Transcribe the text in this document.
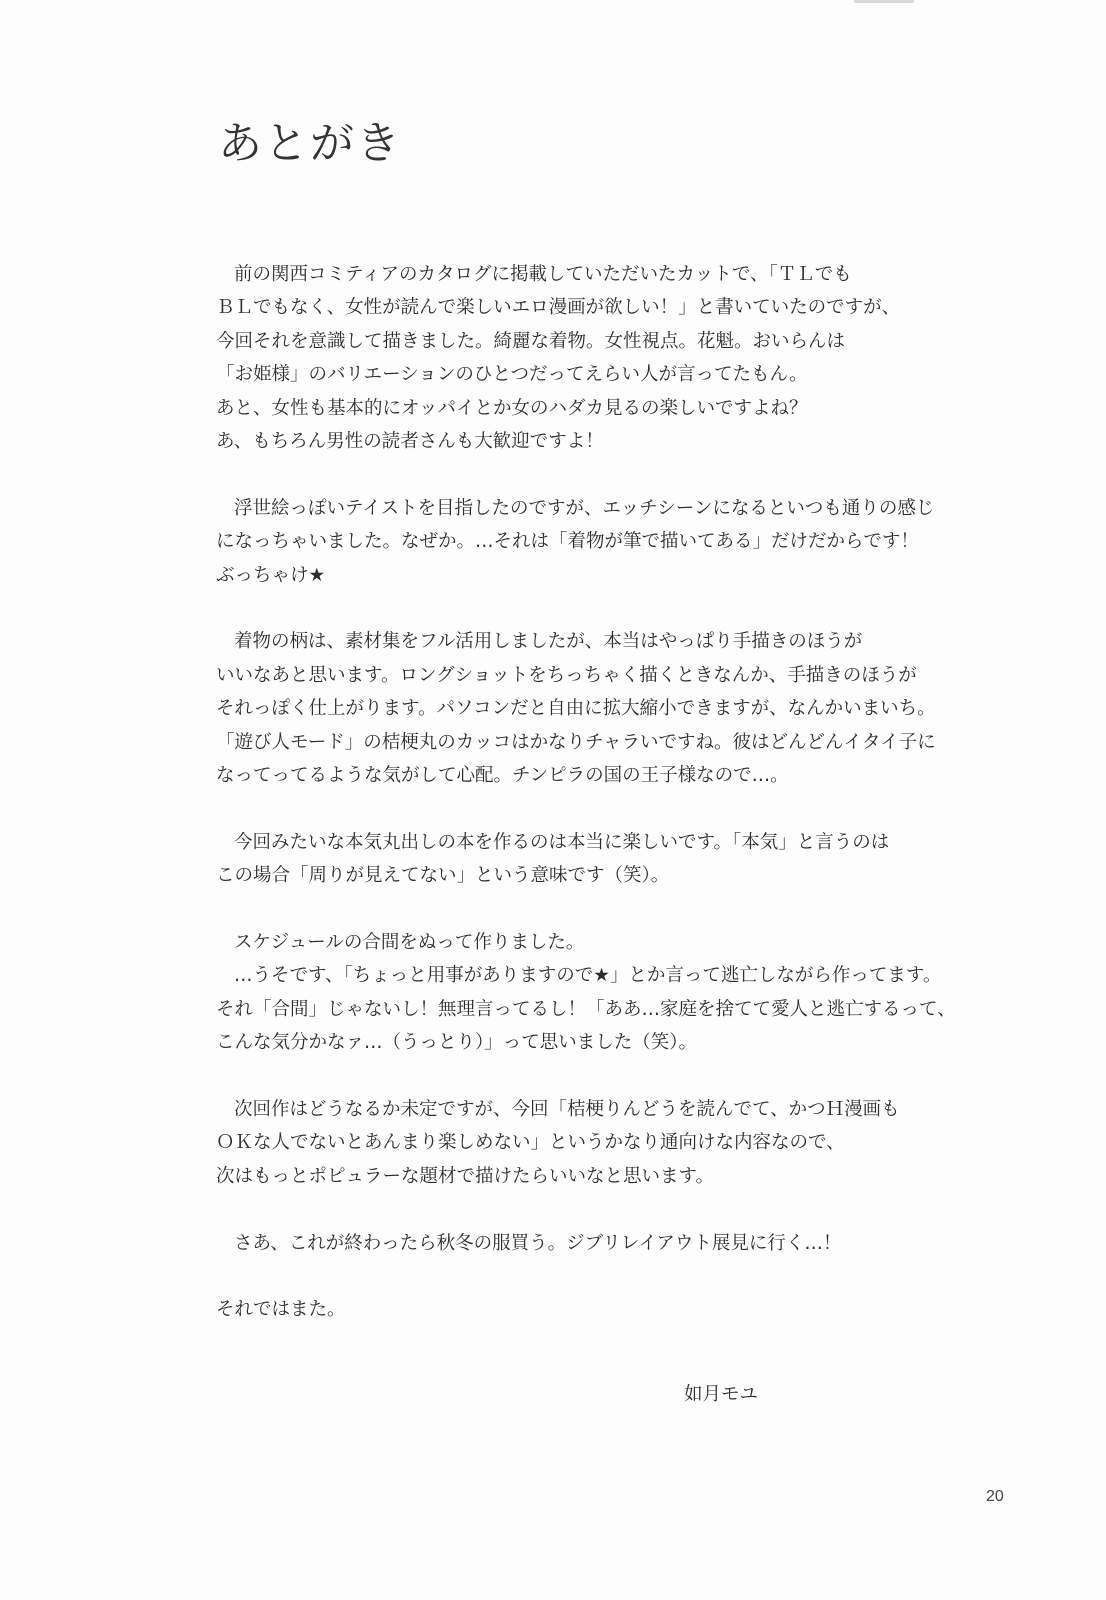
あとがき
前の関西コミティアのカタログに掲載していただいたカットで、「ＴＬでも
ＢＬでもなく、女性が読んで楽しいエロ漫画が欲しい！」と書いていたのですが、
今回それを意識して描きました。綺麗な着物。女性視点。花魁。おいらんは
「お姫様」のバリエーションのひとつだってえらい人が言ってたもん。
あと、女性も基本的にオッパイとか女のハダカ見るの楽しいですよね？
あ、もちろん男性の読者さんも大歓迎ですよ！
浮世絵っぽいテイストを目指したのですが、エッチシーンになるといつも通りの感じ
になっちゃいました。なぜか。…それは「着物が筆で描いてある」だけだからです！
ぶっちゃけ★
着物の柄は、素材集をフル活用しましたが、本当はやっぱり手描きのほうが
いいなあと思います。ロングショットをちっちゃく描くときなんか、手描きのほうが
それっぽく仕上がります。パソコンだと自由に拡大縮小できますが、なんかいまいち。
「遊び人モード」の桔梗丸のカッコはかなりチャラいですね。彼はどんどんイタイ子に
なってってるような気がして心配。チンピラの国の王子様なので…。
今回みたいな本気丸出しの本を作るのは本当に楽しいです。「本気」と言うのは
この場合「周りが見えてない」という意味です（笑）。
スケジュールの合間をぬって作りました。
…うそです、「ちょっと用事がありますので★」とか言って逃亡しながら作ってます。
それ「合間」じゃないし！無理言ってるし！「ああ…家庭を捨てて愛人と逃亡するって、
こんな気分かなァ…（うっとり）」って思いました（笑）。
次回作はどうなるか未定ですが、今回「桔梗りんどうを読んでて、かつＨ漫画も
ＯＫな人でないとあんまり楽しめない」というかなり通向けな内容なので、
次はもっとポピュラーな題材で描けたらいいなと思います。
さあ、これが終わったら秋冬の服買う。ジブリレイアウト展見に行く…！
それではまた。
如月モユ
20
